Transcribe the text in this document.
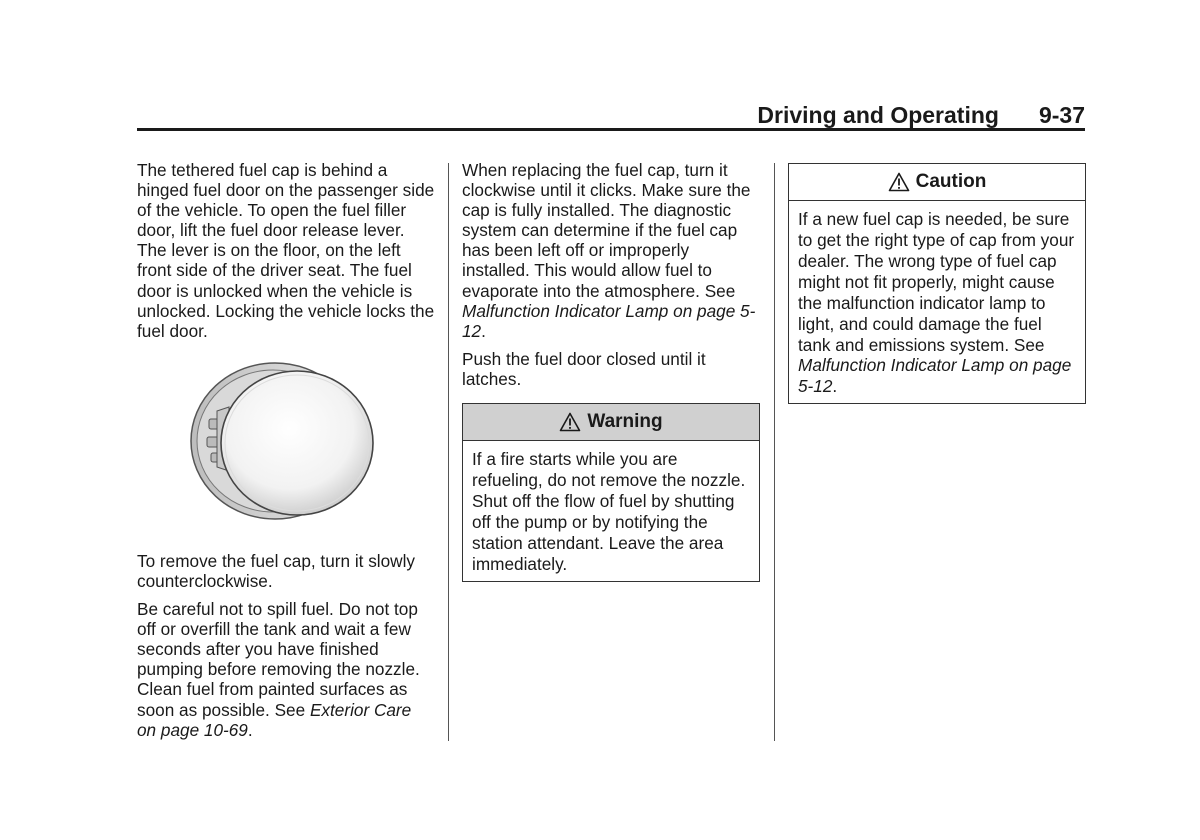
Driving and Operating 9-37

The tethered fuel cap is behind a hinged fuel door on the passenger side of the vehicle. To open the fuel filler door, lift the fuel door release lever. The lever is on the floor, on the left front side of the driver seat. The fuel door is unlocked when the vehicle is unlocked. Locking the vehicle locks the fuel door.

To remove the fuel cap, turn it slowly counterclockwise.

Be careful not to spill fuel. Do not top off or overfill the tank and wait a few seconds after you have finished pumping before removing the nozzle. Clean fuel from painted surfaces as soon as possible. See Exterior Care on page 10-69.

When replacing the fuel cap, turn it clockwise until it clicks. Make sure the cap is fully installed. The diagnostic system can determine if the fuel cap has been left off or improperly installed. This would allow fuel to evaporate into the atmosphere. See Malfunction Indicator Lamp on page 5-12.

Push the fuel door closed until it latches.

Warning
If a fire starts while you are refueling, do not remove the nozzle. Shut off the flow of fuel by shutting off the pump or by notifying the station attendant. Leave the area immediately.
Caution
If a new fuel cap is needed, be sure to get the right type of cap from your dealer. The wrong type of fuel cap might not fit properly, might cause the malfunction indicator lamp to light, and could damage the fuel tank and emissions system. See Malfunction Indicator Lamp on page 5-12.
